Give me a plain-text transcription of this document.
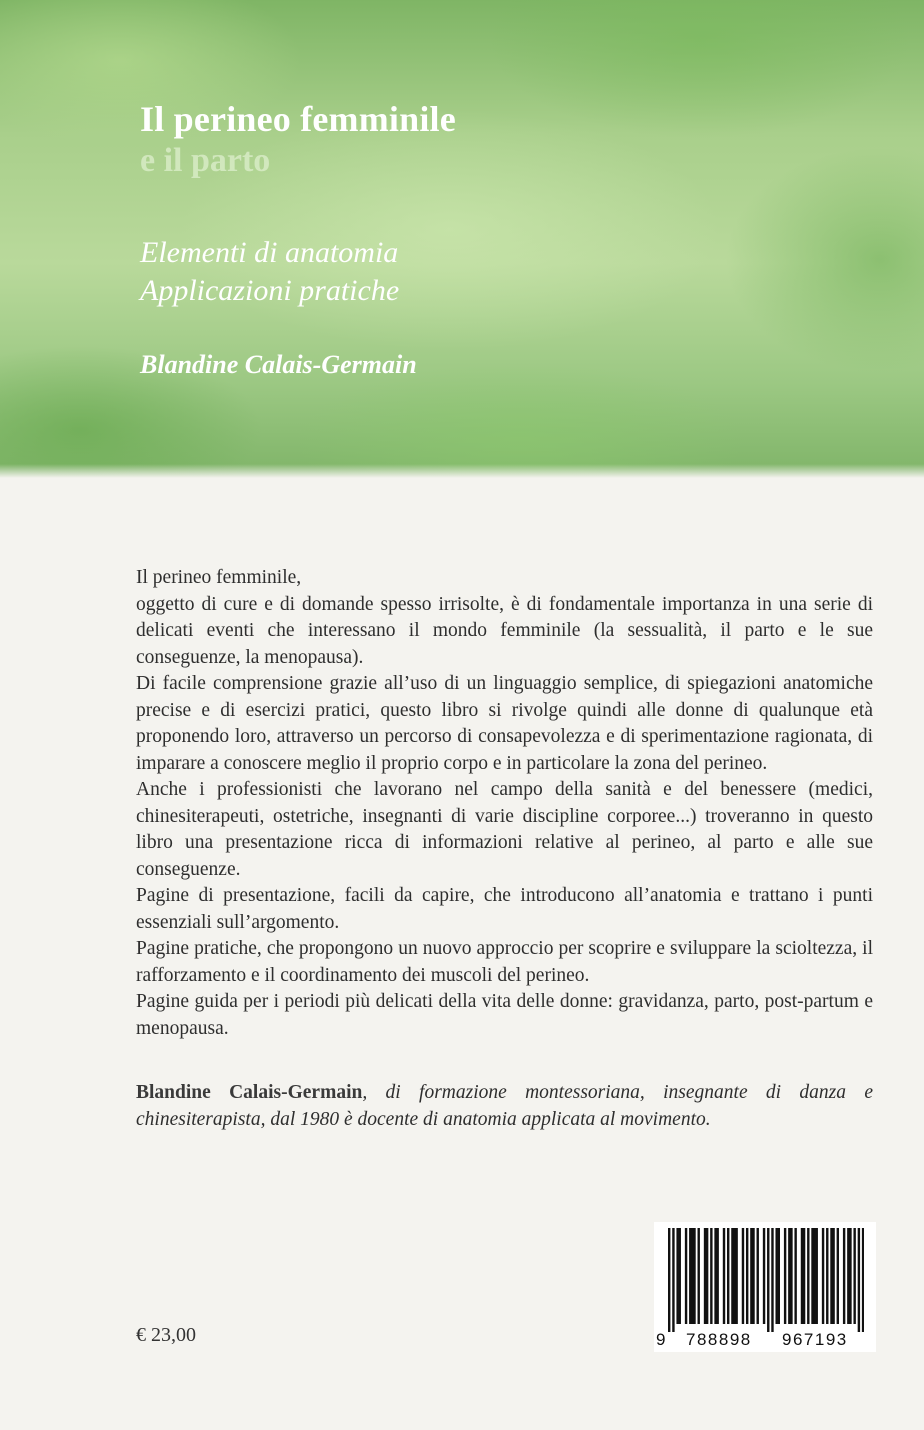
Il perineo femminile
e il parto
Elementi di anatomia
Applicazioni pratiche
Blandine Calais-Germain

Il perineo femminile,

oggetto di cure e di domande spesso irrisolte, è di fondamentale importanza in una serie di delicati eventi che interessano il mondo femminile (la sessualità, il parto e le sue conseguenze, la menopausa).

Di facile comprensione grazie all’uso di un linguaggio semplice, di spiegazioni anatomiche precise e di esercizi pratici, questo libro si rivolge quindi alle donne di qualunque età proponendo loro, attraverso un percorso di consapevolezza e di sperimentazione ragionata, di imparare a conoscere meglio il proprio corpo e in particolare la zona del perineo.

Anche i professionisti che lavorano nel campo della sanità e del benessere (medici, chinesiterapeuti, ostetriche, insegnanti di varie discipline corporee...) troveranno in questo libro una presentazione ricca di informazioni relative al perineo, al parto e alle sue conseguenze.

Pagine di presentazione, facili da capire, che introducono all’anatomia e trattano i punti essenziali sull’argomento.

Pagine pratiche, che propongono un nuovo approccio per scoprire e sviluppare la scioltezza, il rafforzamento e il coordinamento dei muscoli del perineo.

Pagine guida per i periodi più delicati della vita delle donne: gravidanza, parto, post-partum e menopausa.

Blandine Calais-Germain, di formazione montessoriana, insegnante di danza e chinesiterapista, dal 1980 è docente di anatomia applicata al movimento.
€ 23,00	9 788898 967193
